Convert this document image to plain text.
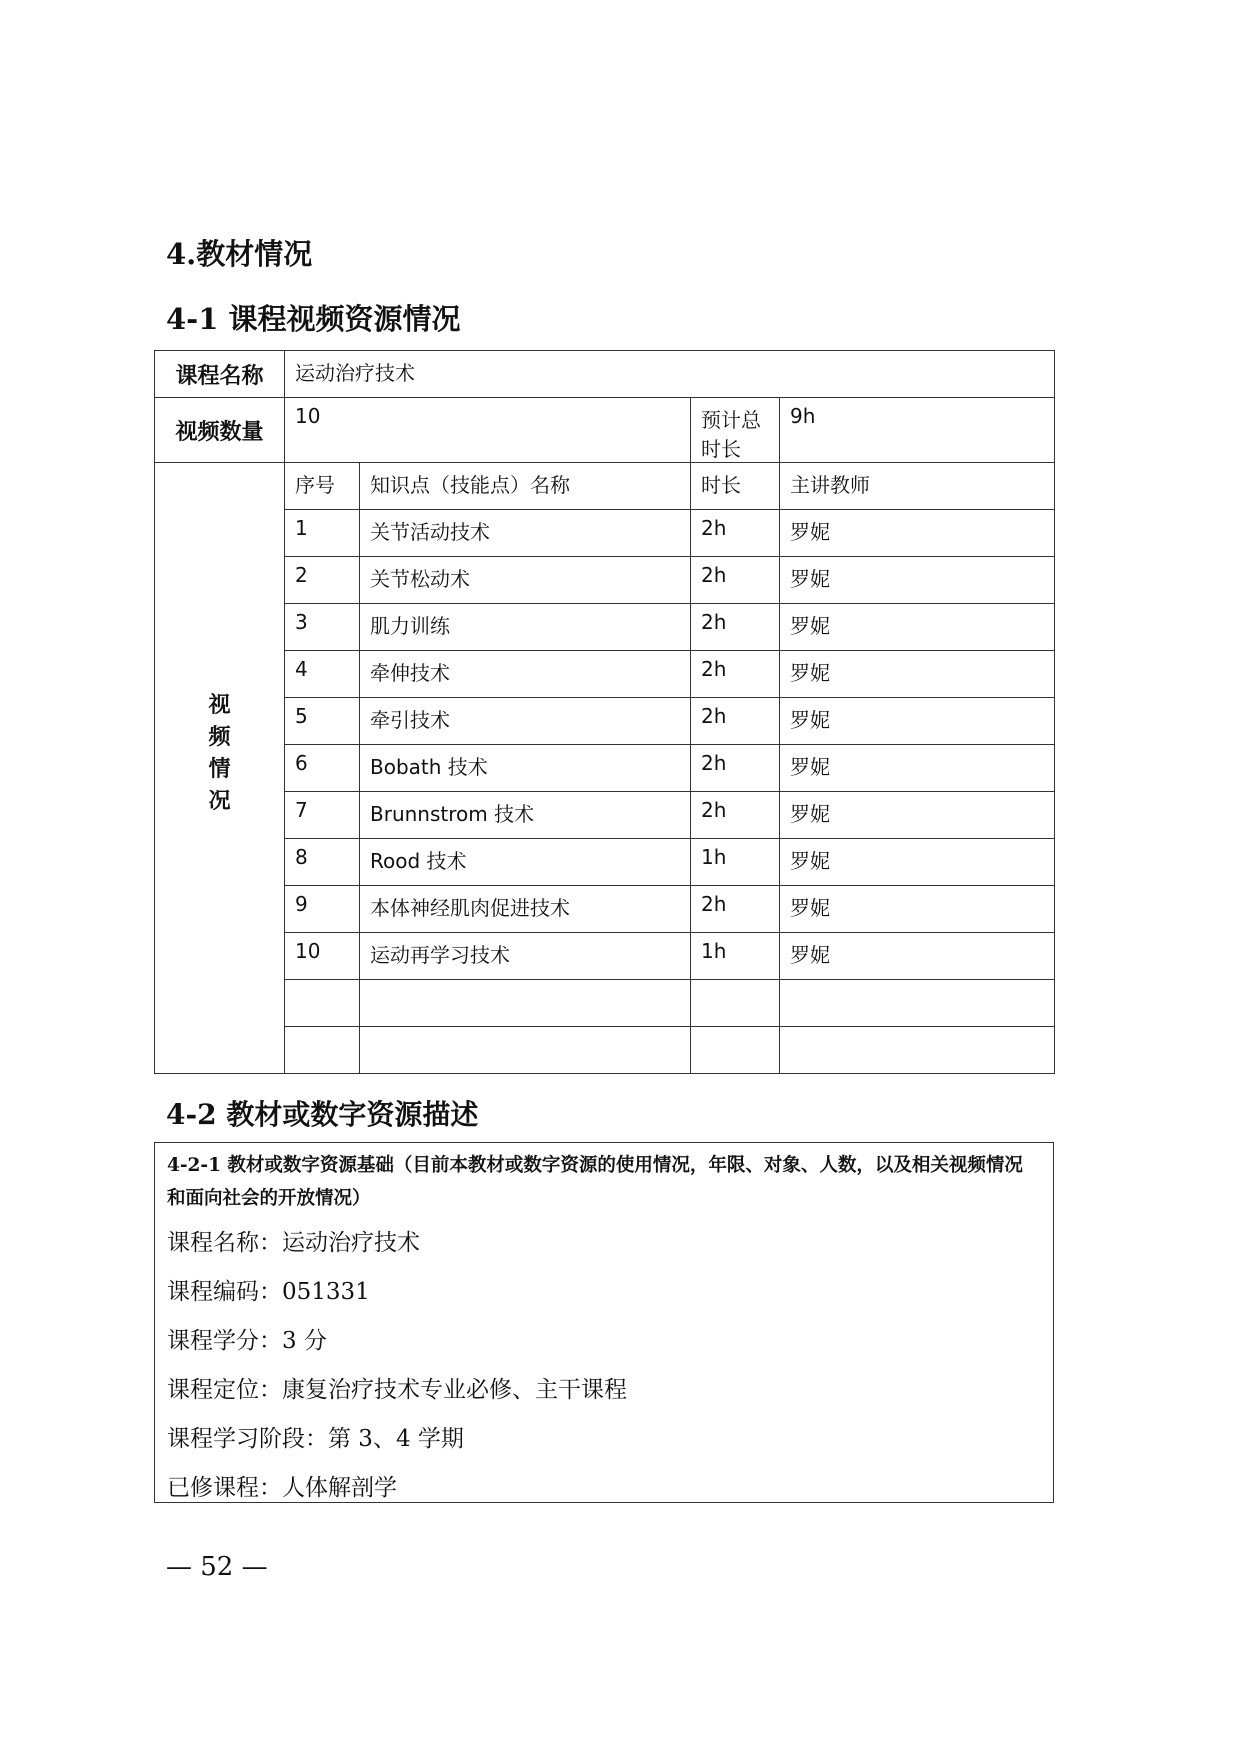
4.教材情况
4-1 课程视频资源情况
课程名称	运动治疗技术			
视频数量	10		预计总时长	9h
视频情况	序号	知识点（技能点）名称	时长	主讲教师
	1	关节活动技术	2h	罗妮
	2	关节松动术	2h	罗妮
	3	肌力训练	2h	罗妮
	4	牵伸技术	2h	罗妮
	5	牵引技术	2h	罗妮
	6	Bobath 技术	2h	罗妮
	7	Brunnstrom 技术	2h	罗妮
	8	Rood 技术	1h	罗妮
	9	本体神经肌肉促进技术	2h	罗妮
	10	运动再学习技术	1h	罗妮

4-2 教材或数字资源描述

4-2-1 教材或数字资源基础（目前本教材或数字资源的使用情况，年限、对象、人数，以及相关视频情况和面向社会的开放情况）

课程名称：运动治疗技术

课程编码：051331

课程学分：3 分

课程定位：康复治疗技术专业必修、主干课程

课程学习阶段：第 3、4 学期

已修课程：人体解剖学

— 52 —
